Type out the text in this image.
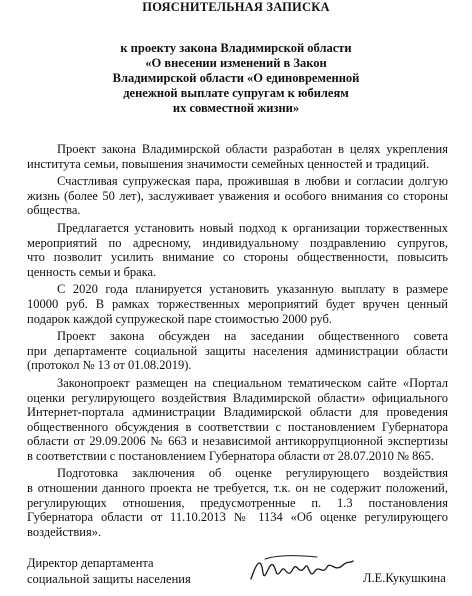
ПОЯСНИТЕЛЬНАЯ ЗАПИСКА
к проекту закона Владимирской области
«О внесении изменений в Закон
Владимирской области «О единовременной
денежной выплате супругам к юбилеям
их совместной жизни»
Проект закона Владимирской области разработан в целях укрепления
института семьи, повышения значимости семейных ценностей и традиций.
Счастливая супружеская пара, прожившая в любви и согласии долгую
жизнь (более 50 лет), заслуживает уважения и особого внимания со стороны
общества.
Предлагается установить новый подход к организации торжественных
мероприятий по адресному, индивидуальному поздравлению супругов,
что позволит усилить внимание со стороны общественности, повысить
ценность семьи и брака.
С 2020 года планируется установить указанную выплату в размере
10000 руб. В рамках торжественных мероприятий будет вручен ценный
подарок каждой супружеской паре стоимостью 2000 руб.
Проект закона обсужден на заседании общественного совета
при департаменте социальной защиты населения администрации области
(протокол № 13 от 01.08.2019).
Законопроект размещен на специальном тематическом сайте «Портал
оценки регулирующего воздействия Владимирской области» официального
Интернет-портала администрации Владимирской области для проведения
общественного обсуждения в соответствии с постановлением Губернатора
области от 29.09.2006 № 663 и независимой антикоррупционной экспертизы
в соответствии с постановлением Губернатора области от 28.07.2010 № 865.
Подготовка заключения об оценке регулирующего воздействия
в отношении данного проекта не требуется, т.к. он не содержит положений,
регулирующих отношения, предусмотренные п. 1.3 постановления
Губернатора области от 11.10.2013 № 1134 «Об оценке регулирующего
воздействия».
Директор департамента
социальной защиты населения	Л.Е.Кукушкина
